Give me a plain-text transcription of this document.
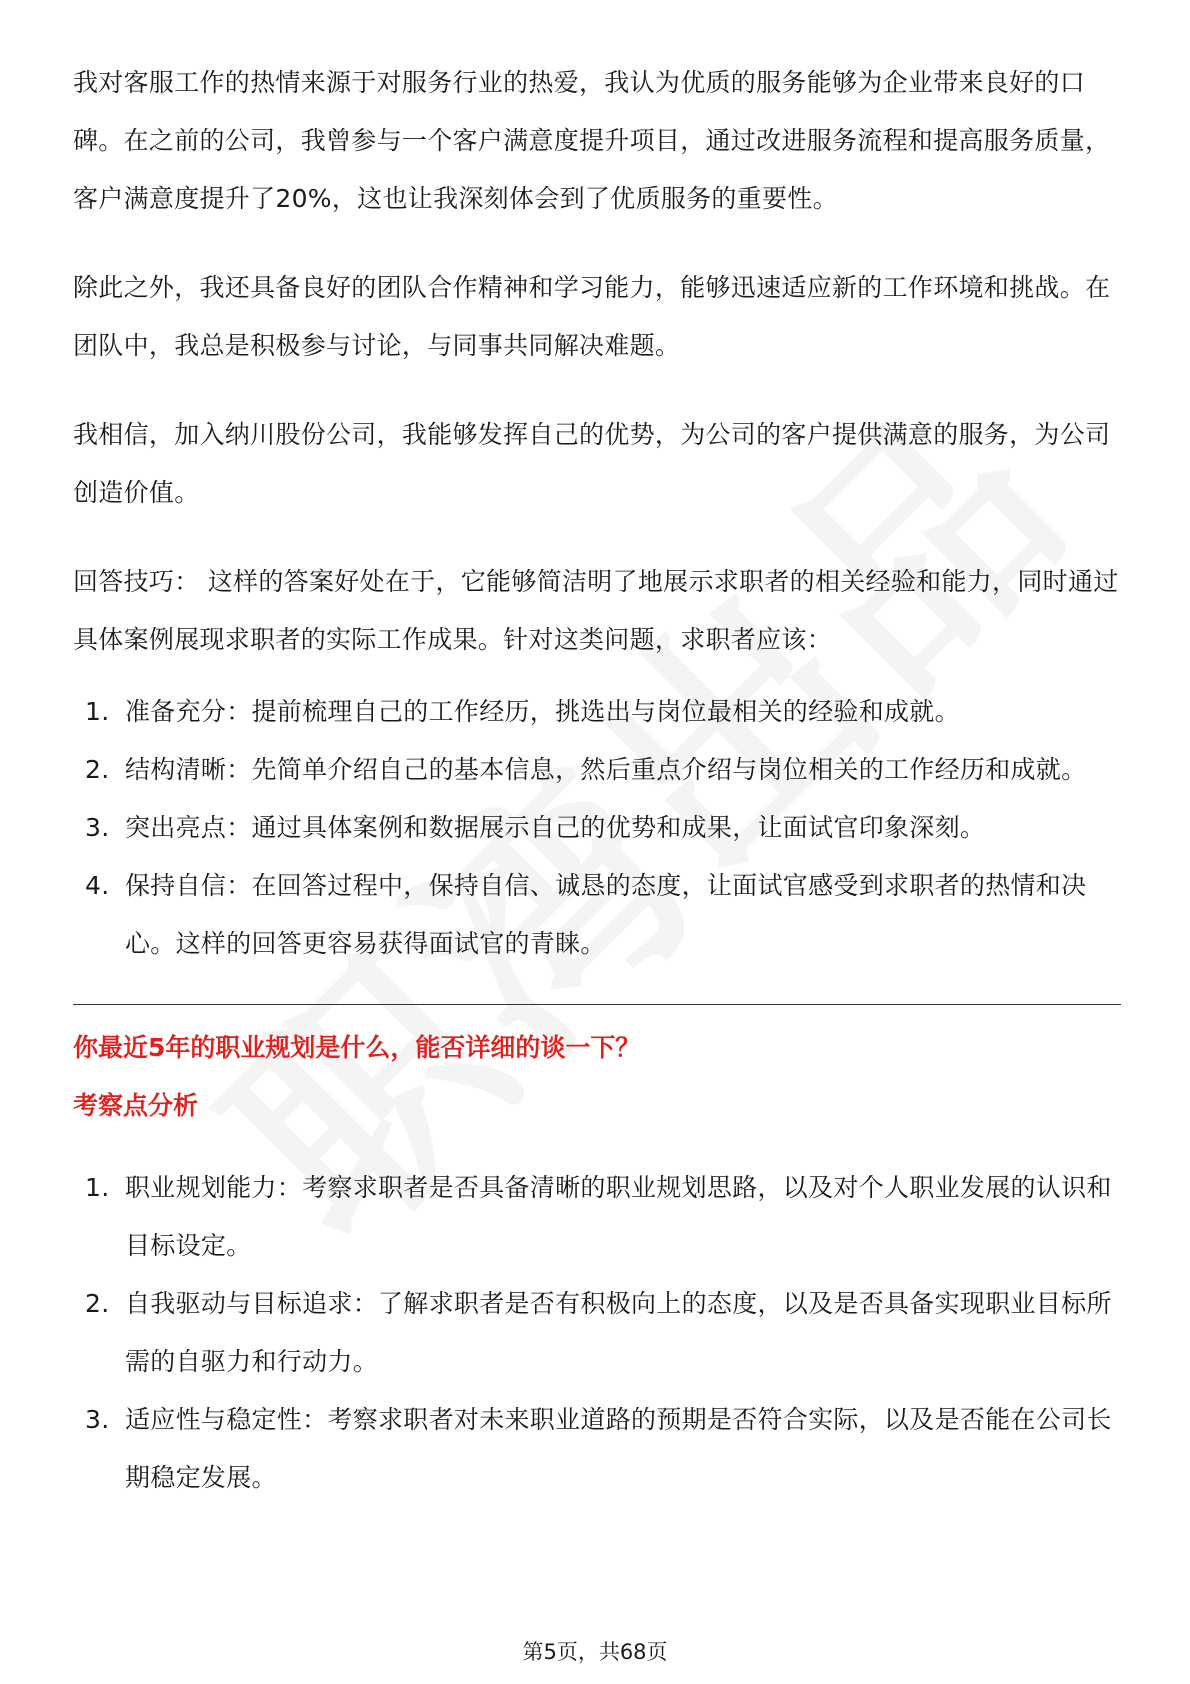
我对客服工作的热情来源于对服务行业的热爱，我认为优质的服务能够为企业带来良好的口碑。在之前的公司，我曾参与一个客户满意度提升项目，通过改进服务流程和提高服务质量，客户满意度提升了20%，这也让我深刻体会到了优质服务的重要性。

除此之外，我还具备良好的团队合作精神和学习能力，能够迅速适应新的工作环境和挑战。在团队中，我总是积极参与讨论，与同事共同解决难题。

我相信，加入纳川股份公司，我能够发挥自己的优势，为公司的客户提供满意的服务，为公司创造价值。

回答技巧： 这样的答案好处在于，它能够简洁明了地展示求职者的相关经验和能力，同时通过具体案例展现求职者的实际工作成果。针对这类问题，求职者应该：

1. 准备充分：提前梳理自己的工作经历，挑选出与岗位最相关的经验和成就。
2. 结构清晰：先简单介绍自己的基本信息，然后重点介绍与岗位相关的工作经历和成就。
3. 突出亮点：通过具体案例和数据展示自己的优势和成果，让面试官印象深刻。
4. 保持自信：在回答过程中，保持自信、诚恳的态度，让面试官感受到求职者的热情和决心。这样的回答更容易获得面试官的青睐。
你最近5年的职业规划是什么，能否详细的谈一下？
考察点分析
1. 职业规划能力：考察求职者是否具备清晰的职业规划思路，以及对个人职业发展的认识和目标设定。
2. 自我驱动与目标追求：了解求职者是否有积极向上的态度，以及是否具备实现职业目标所需的自驱力和行动力。
3. 适应性与稳定性：考察求职者对未来职业道路的预期是否符合实际，以及是否能在公司长期稳定发展。
第5页，共68页
